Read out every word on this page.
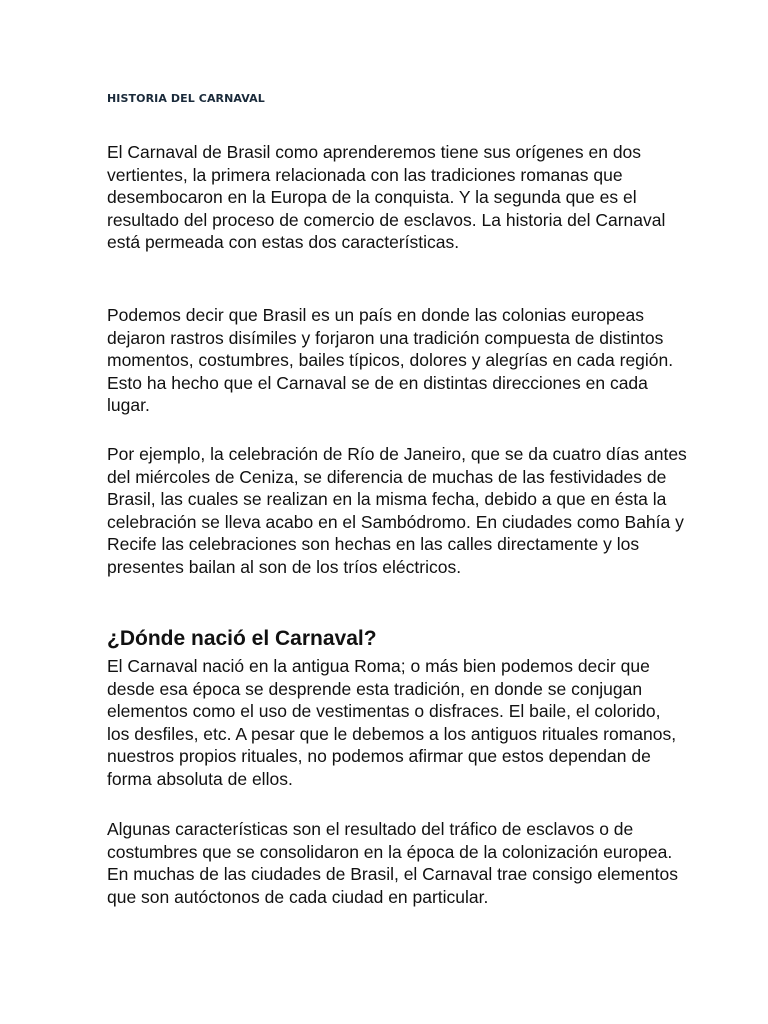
HISTORIA DEL CARNAVAL

El Carnaval de Brasil como aprenderemos tiene sus orígenes en dos vertientes, la primera relacionada con las tradiciones romanas que desembocaron en la Europa de la conquista. Y la segunda que es el resultado del proceso de comercio de esclavos. La historia del Carnaval está permeada con estas dos características.

Podemos decir que Brasil es un país en donde las colonias europeas dejaron rastros disímiles y forjaron una tradición compuesta de distintos momentos, costumbres, bailes típicos, dolores y alegrías en cada región. Esto ha hecho que el Carnaval se de en distintas direcciones en cada lugar.

Por ejemplo, la celebración de Río de Janeiro, que se da cuatro días antes del miércoles de Ceniza, se diferencia de muchas de las festividades de Brasil, las cuales se realizan en la misma fecha, debido a que en ésta la celebración se lleva acabo en el Sambódromo. En ciudades como Bahía y Recife las celebraciones son hechas en las calles directamente y los presentes bailan al son de los tríos eléctricos.

¿Dónde nació el Carnaval?

El Carnaval nació en la antigua Roma; o más bien podemos decir que desde esa época se desprende esta tradición, en donde se conjugan elementos como el uso de vestimentas o disfraces. El baile, el colorido, los desfiles, etc. A pesar que le debemos a los antiguos rituales romanos, nuestros propios rituales, no podemos afirmar que estos dependan de forma absoluta de ellos.

Algunas características son el resultado del tráfico de esclavos o de costumbres que se consolidaron en la época de la colonización europea. En muchas de las ciudades de Brasil, el Carnaval trae consigo elementos que son autóctonos de cada ciudad en particular.
